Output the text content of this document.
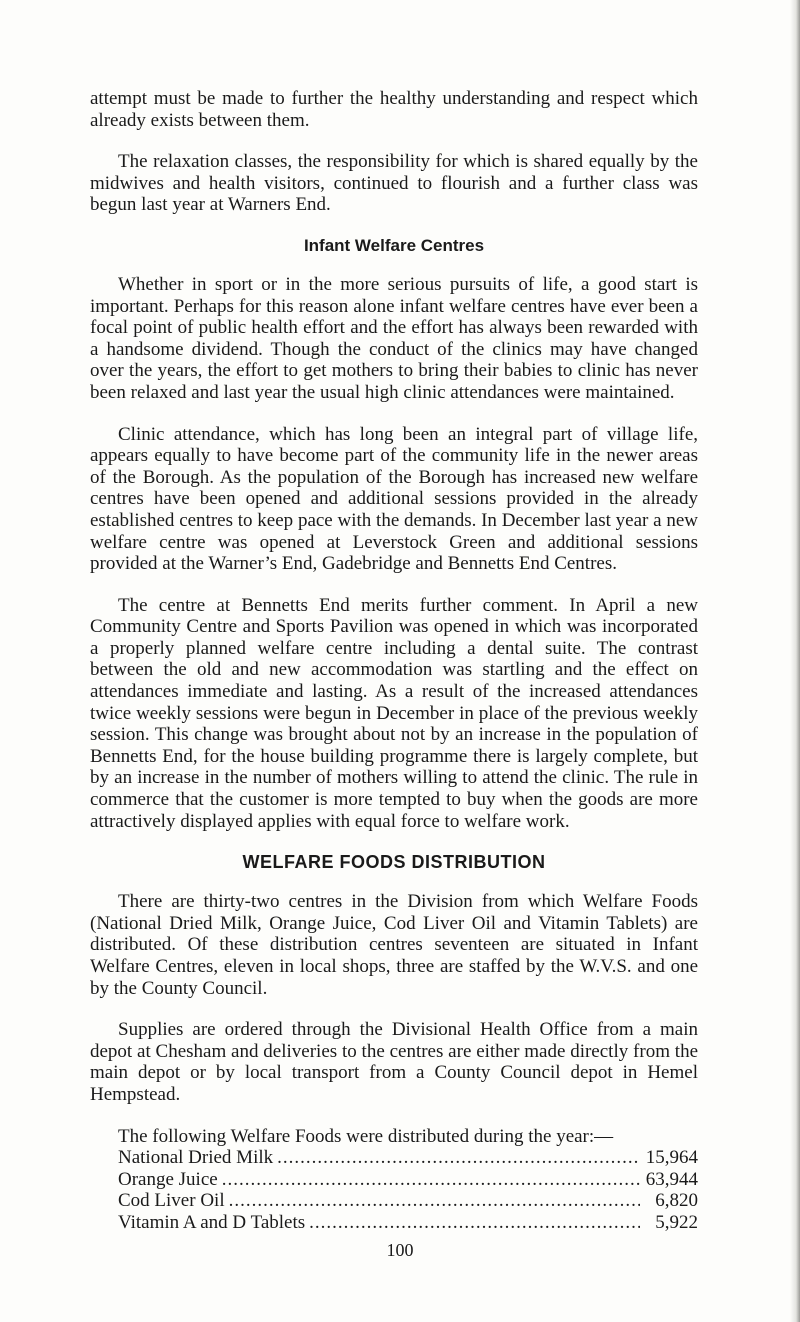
attempt must be made to further the healthy understanding and respect which already exists between them.

The relaxation classes, the responsibility for which is shared equally by the midwives and health visitors, continued to flourish and a further class was begun last year at Warners End.

Infant Welfare Centres

Whether in sport or in the more serious pursuits of life, a good start is important. Perhaps for this reason alone infant welfare centres have ever been a focal point of public health effort and the effort has always been rewarded with a handsome dividend. Though the conduct of the clinics may have changed over the years, the effort to get mothers to bring their babies to clinic has never been relaxed and last year the usual high clinic attendances were maintained.

Clinic attendance, which has long been an integral part of village life, appears equally to have become part of the community life in the newer areas of the Borough. As the population of the Borough has increased new welfare centres have been opened and additional sessions provided in the already established centres to keep pace with the demands. In December last year a new welfare centre was opened at Leverstock Green and additional sessions provided at the Warner’s End, Gadebridge and Bennetts End Centres.

The centre at Bennetts End merits further comment. In April a new Community Centre and Sports Pavilion was opened in which was incorporated a properly planned welfare centre including a dental suite. The contrast between the old and new accommodation was startling and the effect on attendances immediate and lasting. As a result of the increased attendances twice weekly sessions were begun in December in place of the previous weekly session. This change was brought about not by an increase in the population of Bennetts End, for the house building programme there is largely complete, but by an increase in the number of mothers willing to attend the clinic. The rule in commerce that the customer is more tempted to buy when the goods are more attractively displayed applies with equal force to welfare work.

WELFARE FOODS DISTRIBUTION

There are thirty-two centres in the Division from which Welfare Foods (National Dried Milk, Orange Juice, Cod Liver Oil and Vitamin Tablets) are distributed. Of these distribution centres seventeen are situated in Infant Welfare Centres, eleven in local shops, three are staffed by the W.V.S. and one by the County Council.

Supplies are ordered through the Divisional Health Office from a main depot at Chesham and deliveries to the centres are either made directly from the main depot or by local transport from a County Council depot in Hemel Hempstead.

The following Welfare Foods were distributed during the year:—
National Dried Milk .....	15,964
Orange Juice .....	63,944
Cod Liver Oil .....	6,820
Vitamin A and D Tablets .....	5,922
100
